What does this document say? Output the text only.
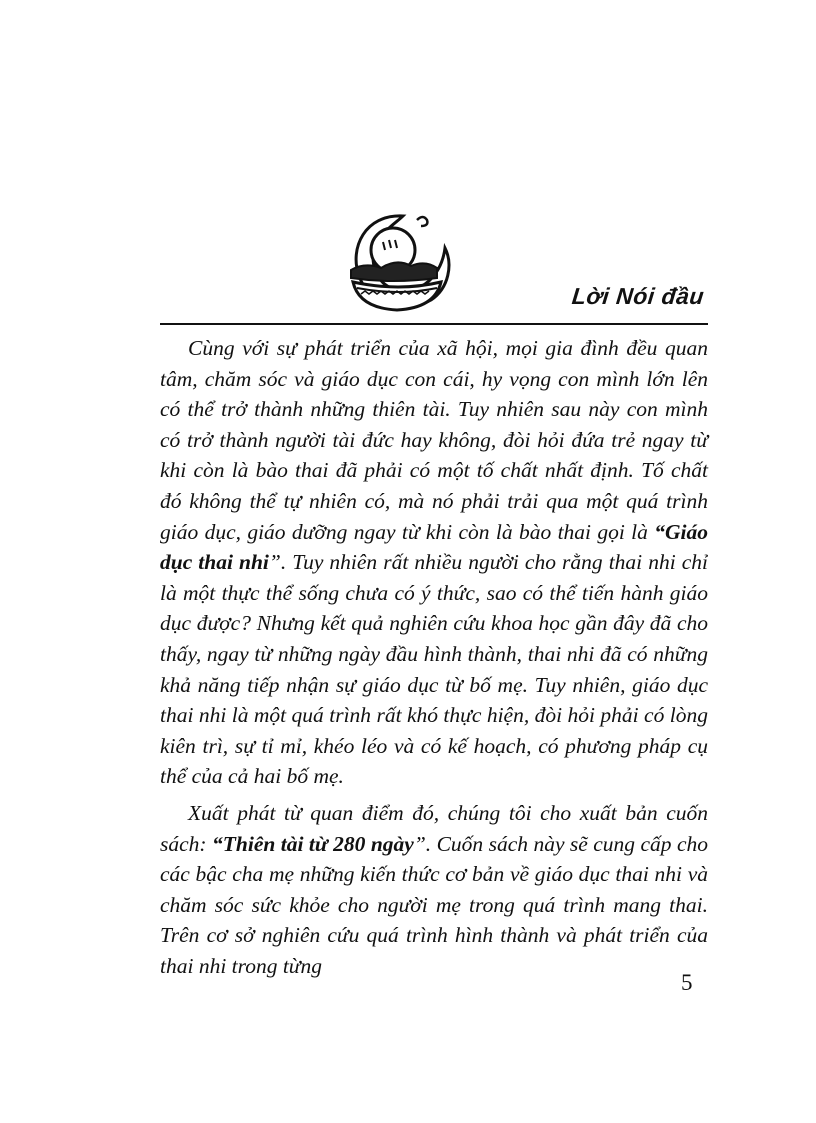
Lời Nói đầu

Cùng với sự phát triển của xã hội, mọi gia đình đều quan tâm, chăm sóc và giáo dục con cái, hy vọng con mình lớn lên có thể trở thành những thiên tài. Tuy nhiên sau này con mình có trở thành người tài đức hay không, đòi hỏi đứa trẻ ngay từ khi còn là bào thai đã phải có một tố chất nhất định. Tố chất đó không thể tự nhiên có, mà nó phải trải qua một quá trình giáo dục, giáo dưỡng ngay từ khi còn là bào thai gọi là “Giáo dục thai nhi”. Tuy nhiên rất nhiều người cho rằng thai nhi chỉ là một thực thể sống chưa có ý thức, sao có thể tiến hành giáo dục được? Nhưng kết quả nghiên cứu khoa học gần đây đã cho thấy, ngay từ những ngày đầu hình thành, thai nhi đã có những khả năng tiếp nhận sự giáo dục từ bố mẹ. Tuy nhiên, giáo dục thai nhi là một quá trình rất khó thực hiện, đòi hỏi phải có lòng kiên trì, sự tỉ mỉ, khéo léo và có kế hoạch, có phương pháp cụ thể của cả hai bố mẹ.

Xuất phát từ quan điểm đó, chúng tôi cho xuất bản cuốn sách: “Thiên tài từ 280 ngày”. Cuốn sách này sẽ cung cấp cho các bậc cha mẹ những kiến thức cơ bản về giáo dục thai nhi và chăm sóc sức khỏe cho người mẹ trong quá trình mang thai. Trên cơ sở nghiên cứu quá trình hình thành và phát triển của thai nhi trong từng

5
